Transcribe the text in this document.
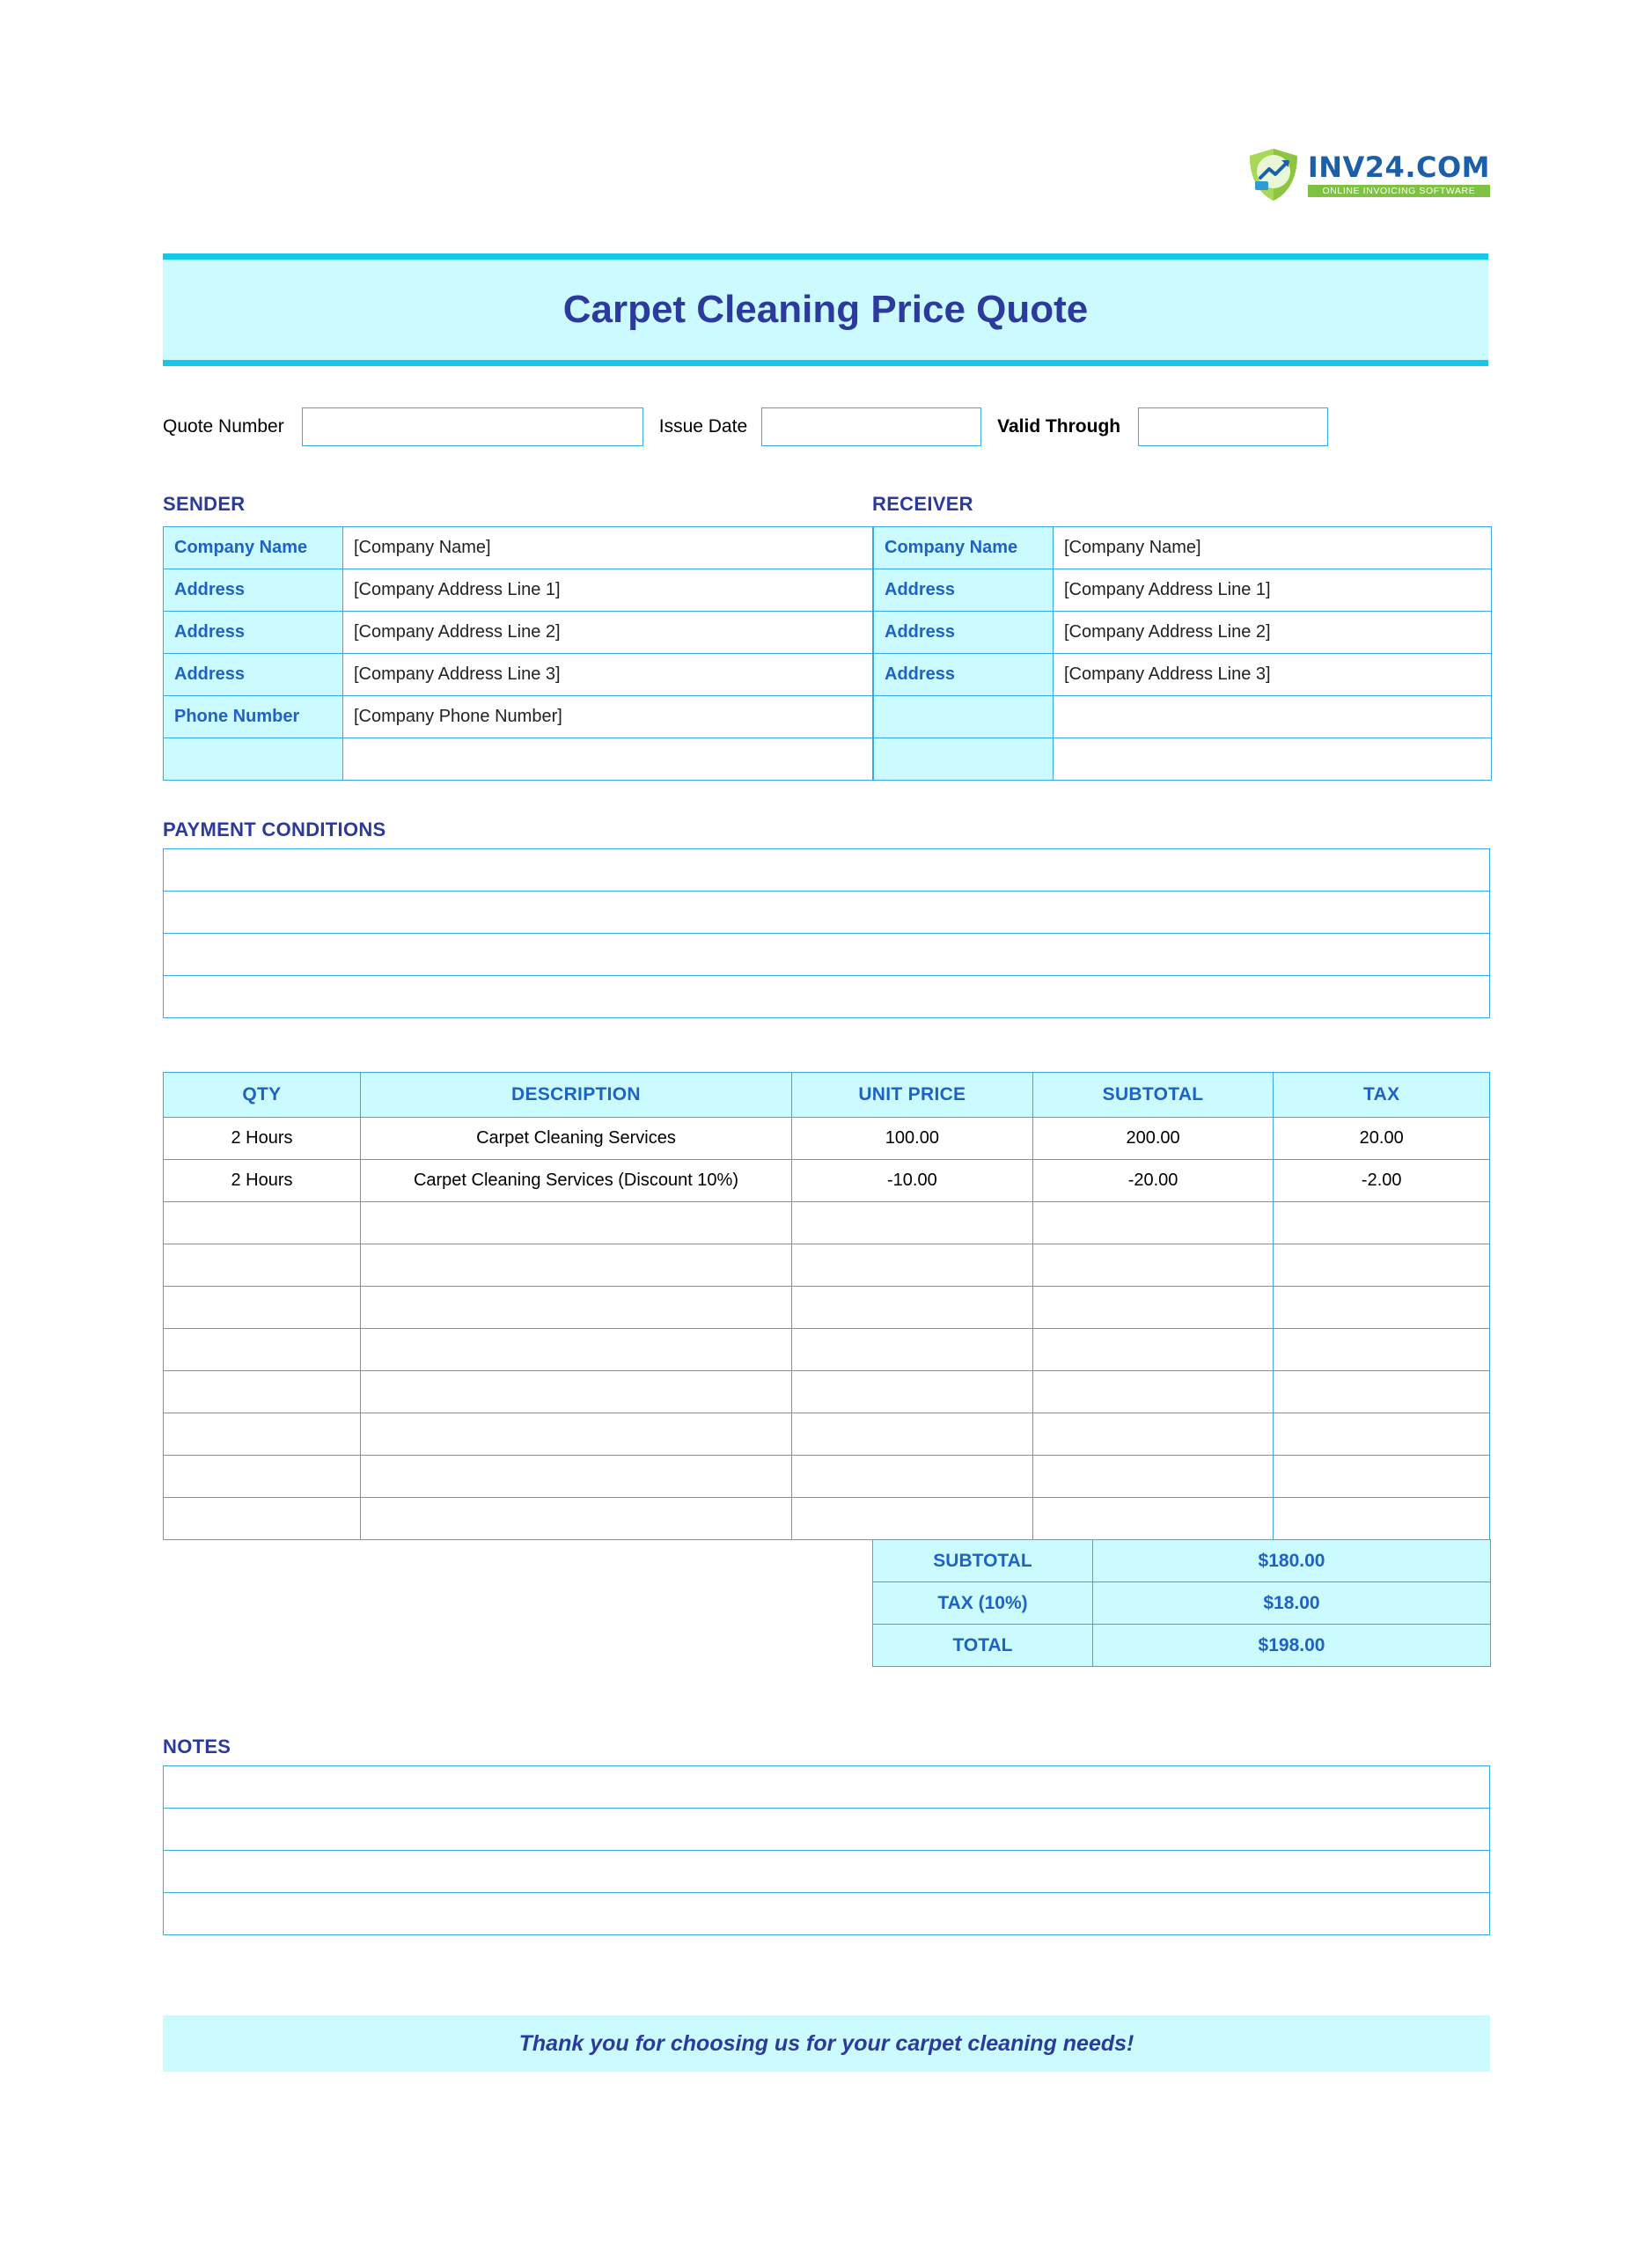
INV24.COM
ONLINE INVOICING SOFTWARE
Carpet Cleaning Price Quote
Quote Number	Issue Date	Valid Through
SENDER	RECEIVER
Company Name	[Company Name]
Address	[Company Address Line 1]
Address	[Company Address Line 2]
Address	[Company Address Line 3]
Phone Number	[Company Phone Number]

Company Name	[Company Name]
Address	[Company Address Line 1]
Address	[Company Address Line 2]
Address	[Company Address Line 3]

PAYMENT CONDITIONS
QTY	DESCRIPTION	UNIT PRICE	SUBTOTAL	TAX
2 Hours	Carpet Cleaning Services	100.00	200.00	20.00
2 Hours	Carpet Cleaning Services (Discount 10%)	-10.00	-20.00	-2.00

SUBTOTAL	$180.00
TAX (10%)	$18.00
TOTAL	$198.00
NOTES
Thank you for choosing us for your carpet cleaning needs!
